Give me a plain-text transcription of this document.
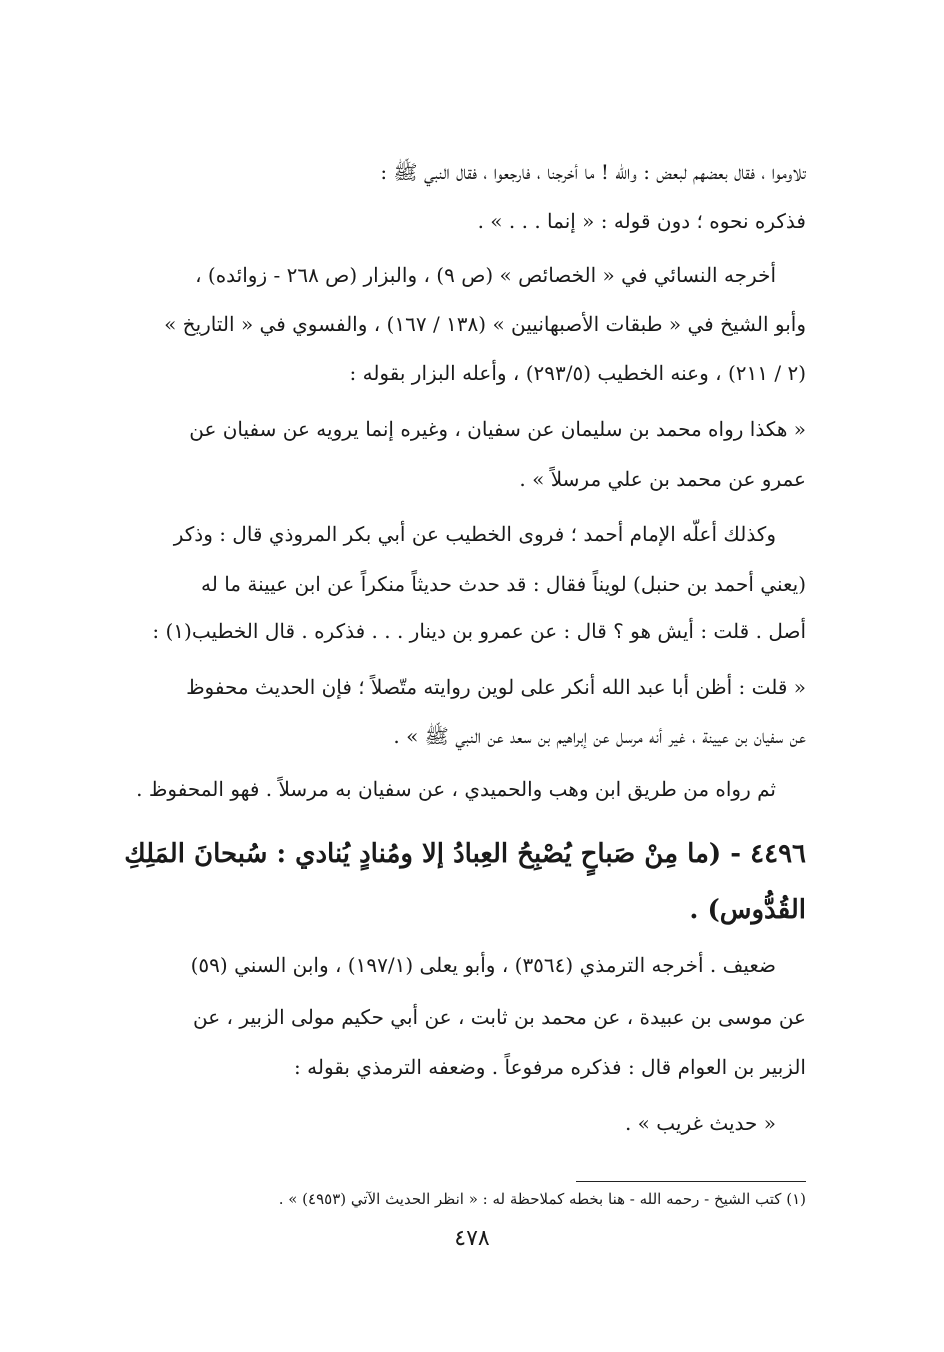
تلاوموا ، فقال بعضهم لبعض : والله ! ما أخرجنا ، فارجعوا ، فقال النبي ﷺ :
فذكره نحوه ؛ دون قوله : « إنما . . . » .
أخرجه النسائي في « الخصائص » (ص ٩) ، والبزار (ص ٢٦٨ - زوائده) ،
وأبو الشيخ في « طبقات الأصبهانيين » (١٣٨ / ١٦٧) ، والفسوي في « التاريخ »
(٢ / ٢١١) ، وعنه الخطيب (٢٩٣/٥) ، وأعله البزار بقوله :
« هكذا رواه محمد بن سليمان عن سفيان ، وغيره إنما يرويه عن سفيان عن
عمرو عن محمد بن علي مرسلاً » .
وكذلك أعلّه الإمام أحمد ؛ فروى الخطيب عن أبي بكر المروذي قال : وذكر
(يعني أحمد بن حنبل) لويناً فقال : قد حدث حديثاً منكراً عن ابن عيينة ما له
أصل . قلت : أيش هو ؟ قال : عن عمرو بن دينار . . . فذكره . قال الخطيب(١) :
« قلت : أظن أبا عبد الله أنكر على لوين روايته متّصلاً ؛ فإن الحديث محفوظ
عن سفيان بن عيينة ، غير أنه مرسل عن إبراهيم بن سعد عن النبي ﷺ » .
ثم رواه من طريق ابن وهب والحميدي ، عن سفيان به مرسلاً . فهو المحفوظ .
٤٤٩٦ - (ما مِنْ صَباحٍ يُصْبِحُ العِبادُ إلا ومُنادٍ يُنادي : سُبحانَ المَلِكِ
القُدُّوس) .
ضعيف . أخرجه الترمذي (٣٥٦٤) ، وأبو يعلى (١٩٧/١) ، وابن السني (٥٩)
عن موسى بن عبيدة ، عن محمد بن ثابت ، عن أبي حكيم مولى الزبير ، عن
الزبير بن العوام قال : فذكره مرفوعاً . وضعفه الترمذي بقوله :
« حديث غريب » .
(١) كتب الشيخ - رحمه الله - هنا بخطه كملاحظة له : « انظر الحديث الآتي (٤٩٥٣) » .
٤٧٨
